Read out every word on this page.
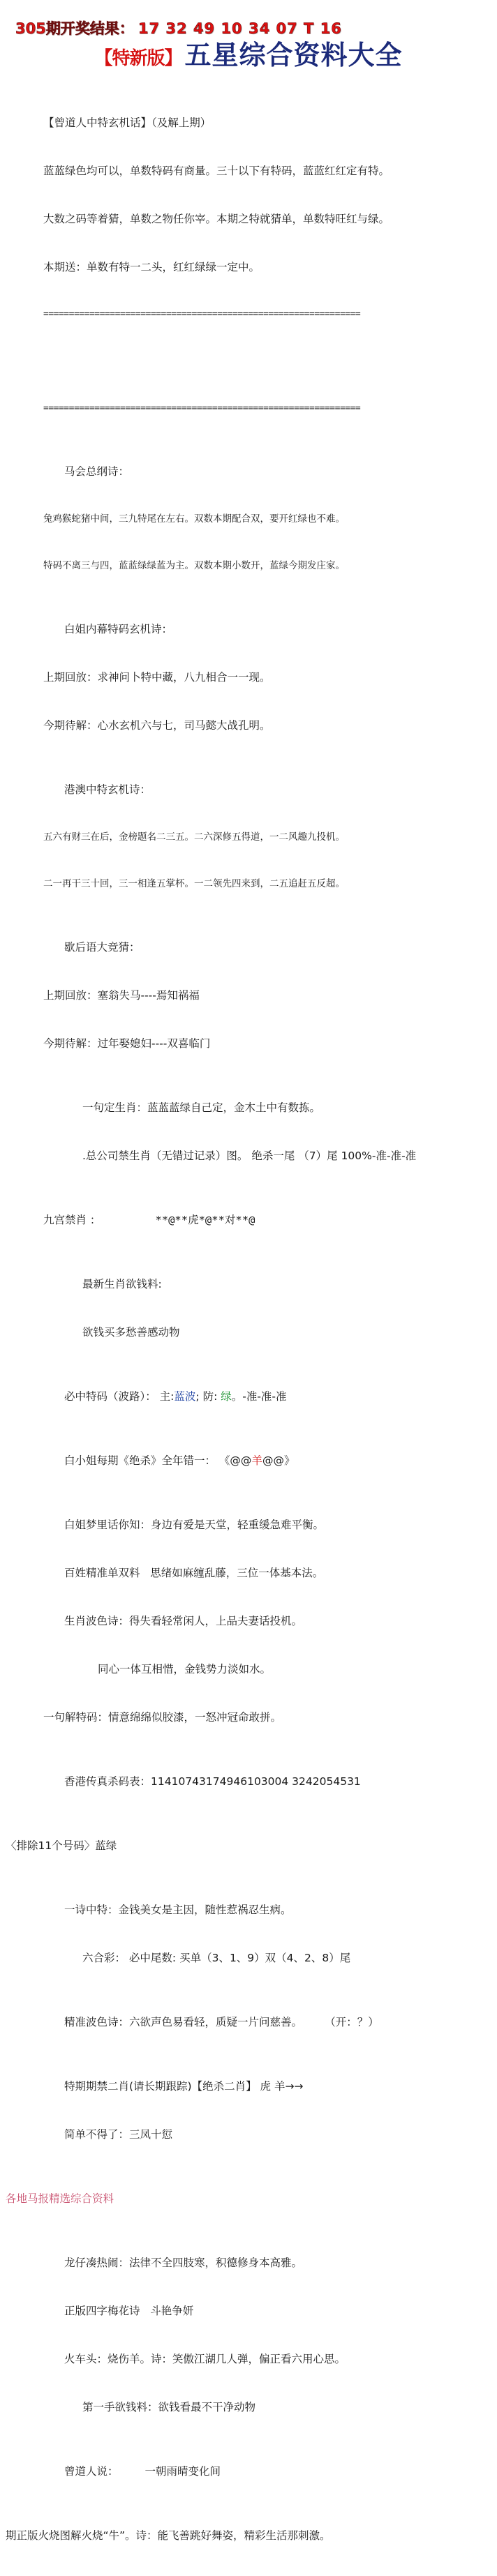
305期开奖结果： 17 32 49 10 34 07 T 16
【特新版】 五星综合资料大全

【曾道人中特玄机话】（及解上期）

蓝蓝绿色均可以，单数特码有商量。三十以下有特码，蓝蓝红红定有特。

大数之码等着猜，单数之物任你宰。本期之特就猜单，单数特旺红与绿。

本期送：单数有特一二头，红红绿绿一定中。

==============================================================

==============================================================

马会总纲诗：

兔鸡猴蛇猪中间，三九特尾在左右。双数本期配合双，要开红绿也不难。

特码不离三与四，蓝蓝绿绿蓝为主。双数本期小数开，蓝绿今期发庄家。

白姐内幕特码玄机诗：

上期回放：求神问卜特中藏，八九相合一一现。

今期待解：心水玄机六与七，司马懿大战孔明。

港澳中特玄机诗：

五六有财三在后，金榜题名二三五。二六深修五得道，一二风趣九投机。

二一再干三十回，三一相逢五掌杯。一二领先四来到，二五追赶五反超。

歇后语大竞猜：

上期回放：塞翁失马----焉知祸福

今期待解：过年娶媳妇----双喜临门

一句定生肖：蓝蓝蓝绿自己定，金木土中有数拣。

.总公司禁生肖（无错过记录）图。 绝杀一尾 （7）尾 100%-准-准-准

九宫禁肖 ：	**@**虎*@**对**@

最新生肖欲钱料:

欲钱买多愁善感动物

必中特码（波路）： 主:蓝波; 防: 绿。-准-准-准

白小姐每期《绝杀》全年错一： 《@@羊@@》

白姐梦里话你知：身边有爱是天堂，轻重缓急难平衡。

百姓精准单双料   思绪如麻缠乱藤，三位一体基本法。

生肖波色诗：得失看轻常闲人，上品夫妻话投机。

同心一体互相惜，金钱势力淡如水。

一句解特码：情意绵绵似胶漆，一怒冲冠命敢拼。

香港传真杀码表：11410743174946103004 3242054531

〈排除11个号码〉蓝绿

一诗中特：金钱美女是主因，随性惹祸忍生病。

六合彩： 必中尾数: 买单（3、1、9）双（4、2、8）尾

精准波色诗：六欲声色易看轻，质疑一片问慈善。	（开：？）

特期期禁二肖(请长期跟踪)【绝杀二肖】 虎 羊→→

简单不得了：三凤十愆

各地马报精选综合资料

龙仔凑热闹：法律不全四肢寒，积德修身本高雅。

正版四字梅花诗   斗艳争妍

火车头：烧伤羊。诗：笑傲江湖几人弹，偏正看六用心思。

第一手欲钱料：欲钱看最不干净动物

曾道人说： 一朝雨晴变化间

期正版火烧图解火烧“牛”。诗：能飞善跳好舞姿，精彩生活那刺激。
